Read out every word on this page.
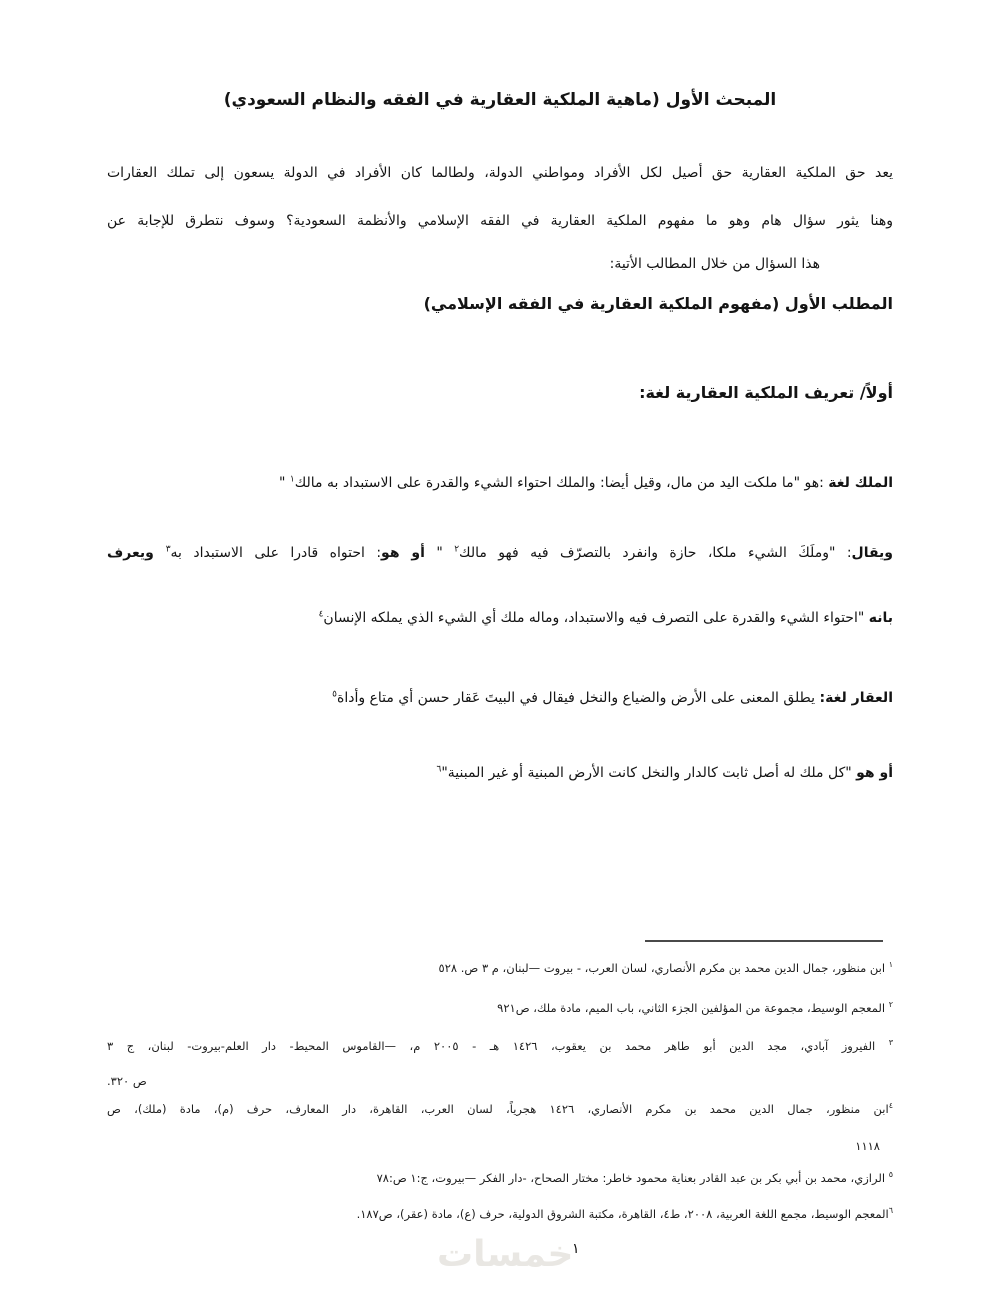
المبحث الأول (ماهية الملكية العقارية في الفقه والنظام السعودي)
يعد حق الملكية العقارية حق أصيل لكل الأفراد ومواطني الدولة، ولطالما كان الأفراد في الدولة يسعون إلى تملك العقارات
وهنا يثور سؤال هام وهو ما مفهوم الملكية العقارية في الفقه الإسلامي والأنظمة السعودية؟ وسوف نتطرق للإجابة عن
هذا السؤال من خلال المطالب الأتية:
المطلب الأول (مفهوم الملكية العقارية في الفقه الإسلامي)
أولاً/ تعريف الملكية العقارية لغة:
الملك لغة :هو "ما ملكت اليد من مال، وقيل أيضا: والملك احتواء الشيء والقدرة على الاستبداد به مالك$^١$ "
ويقال: "وملَكَ الشيء ملكا، حازة وانفرد بالتصرّف فيه فهو مالك$^٢$ " أو هو: احتواه قادرا على الاستبداد به$^٣$ ويعرف
بانه "احتواء الشيء والقدرة على التصرف فيه والاستبداد، وماله ملك أي الشيء الذي يملكه الإنسان$^٤$
العقار لغة: يطلق المعنى على الأرض والضياع والنخل فيقال في البيتَ عَقار حسن أي متاع وأداة$^٥$
أو هو "كل ملك له أصل ثابت كالدار والنخل كانت الأرض المبنية أو غير المبنية"$^٦$
$^١$ ابن منظور، جمال الدين محمد بن مكرم الأنصاري، لسان العرب، - بيروت —لبنان، م ٣ ص. ٥٢٨
$^٢$ المعجم الوسيط، مجموعة من المؤلفين الجزء الثاني، باب الميم، مادة ملك، ص٩٢١
$^٣$ الفيروز آبادي، مجد الدين أبو طاهر محمد بن يعقوب، ١٤٢٦ هـ - ٢٠٠٥ م، —القاموس المحيط- دار العلم-بيروت- لبنان، ج ٣
ص ٣٢٠.
$^٤$ابن منظور، جمال الدين محمد بن مكرم الأنصاري، ١٤٢٦ هجرياً، لسان العرب، القاهرة، دار المعارف، حرف (م)، مادة (ملك)، ص
١١١٨
$^٥$ الرازي، محمد بن أبي بكر بن عبد القادر بعناية محمود خاطر: مختار الصحاح، -دار الفكر —بيروت، ج:١ ص:٧٨
$^٦$المعجم الوسيط، مجمع اللغة العربية، ٢٠٠٨، ط٤، القاهرة، مكتبة الشروق الدولية، حرف (ع)، مادة (عقر)، ص١٨٧.
خمسات
١
